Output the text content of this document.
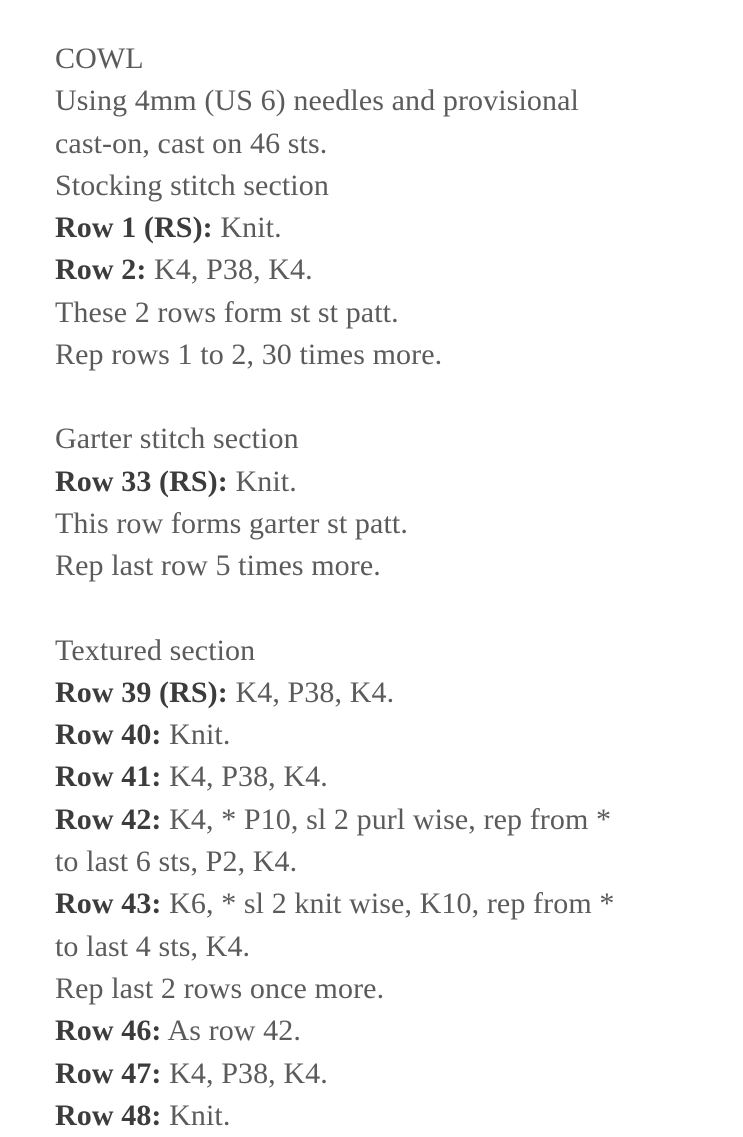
COWL
Using 4mm (US 6) needles and provisional
cast-on, cast on 46 sts.
Stocking stitch section
Row 1 (RS): Knit.
Row 2: K4, P38, K4.
These 2 rows form st st patt.
Rep rows 1 to 2, 30 times more.
Garter stitch section
Row 33 (RS): Knit.
This row forms garter st patt.
Rep last row 5 times more.
Textured section
Row 39 (RS): K4, P38, K4.
Row 40: Knit.
Row 41: K4, P38, K4.
Row 42: K4, * P10, sl 2 purl wise, rep from *
to last 6 sts, P2, K4.
Row 43: K6, * sl 2 knit wise, K10, rep from *
to last 4 sts, K4.
Rep last 2 rows once more.
Row 46: As row 42.
Row 47: K4, P38, K4.
Row 48: Knit.
